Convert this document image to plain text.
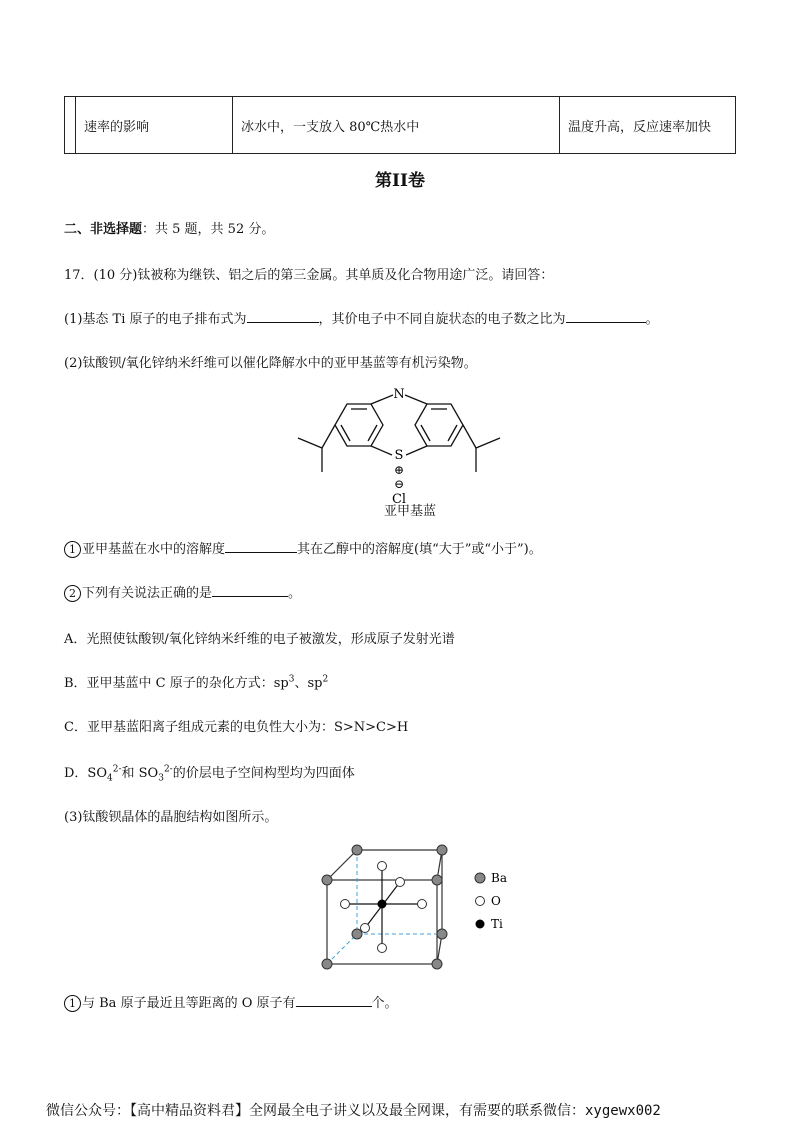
	速率的影响	冰水中，一支放入 80℃热水中	温度升高，反应速率加快
第II卷
二、非选择题：共 5 题，共 52 分。
17．(10 分)钛被称为继铁、铝之后的第三金属。其单质及化合物用途广泛。请回答：
(1)基态 Ti 原子的电子排布式为	，其价电子中不同自旋状态的电子数之比为	。
(2)钛酸钡/氧化锌纳米纤维可以催化降解水中的亚甲基蓝等有机污染物。
N
S
⊕
⊖
Cl
亚甲基蓝
1 亚甲基蓝在水中的溶解度	其在乙醇中的溶解度(填“大于”或“小于”)。
2 下列有关说法正确的是	。
A．光照使钛酸钡/氧化锌纳米纤维的电子被激发，形成原子发射光谱
B．亚甲基蓝中 C 原子的杂化方式：$sp^3$、$sp^2$
C．亚甲基蓝阳离子组成元素的电负性大小为：S>N>C>H
D．$SO_4^{2-}$和 $SO_3^{2-}$的价层电子空间构型均为四面体
(3)钛酸钡晶体的晶胞结构如图所示。
Ba
O
Ti
1 与 Ba 原子最近且等距离的 O 原子有	个。
微信公众号：【高中精品资料君】全网最全电子讲义以及最全网课，有需要的联系微信：xygewx002
